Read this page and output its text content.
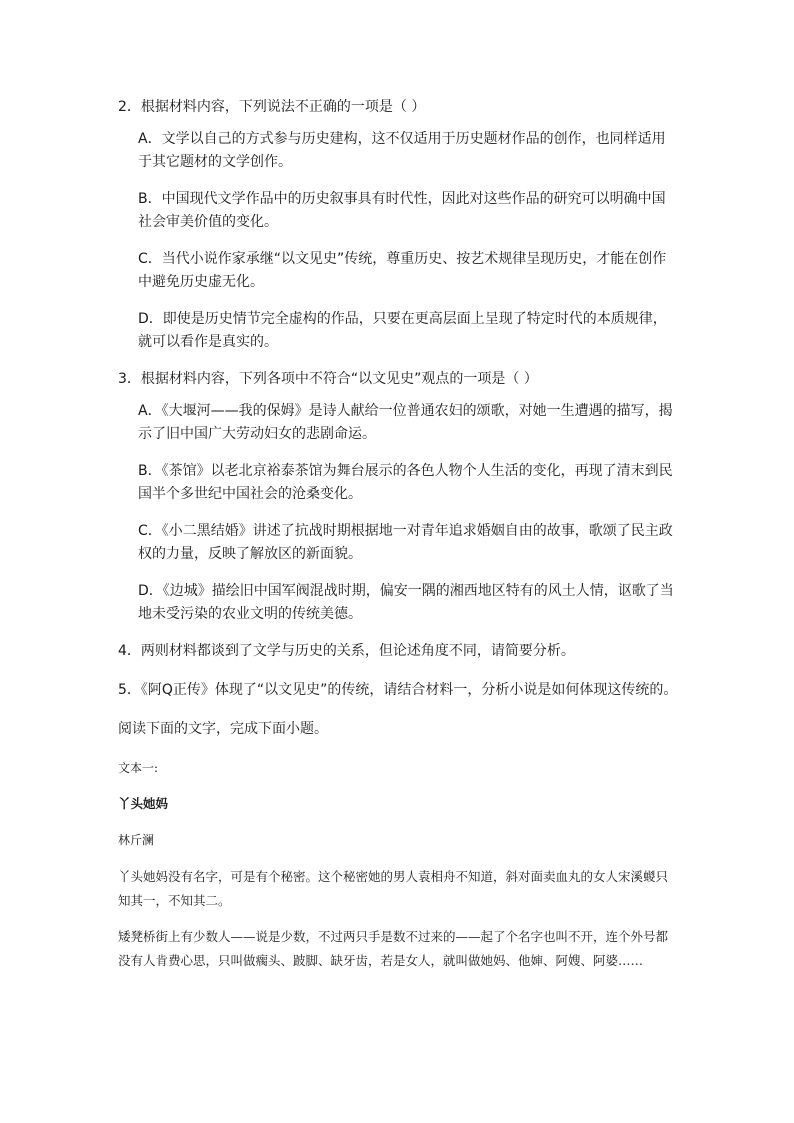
2．根据材料内容，下列说法不正确的一项是（ ）
A．文学以自己的方式参与历史建构，这不仅适用于历史题材作品的创作，也同样适用于其它题材的文学创作。
B．中国现代文学作品中的历史叙事具有时代性，因此对这些作品的研究可以明确中国社会审美价值的变化。
C．当代小说作家承继“以文见史”传统，尊重历史、按艺术规律呈现历史，才能在创作中避免历史虚无化。
D．即使是历史情节完全虚构的作品，只要在更高层面上呈现了特定时代的本质规律，就可以看作是真实的。
3．根据材料内容，下列各项中不符合“以文见史”观点的一项是（ ）
A．《大堰河——我的保姆》是诗人献给一位普通农妇的颂歌，对她一生遭遇的描写，揭示了旧中国广大劳动妇女的悲剧命运。
B．《茶馆》以老北京裕泰茶馆为舞台展示的各色人物个人生活的变化，再现了清末到民国半个多世纪中国社会的沧桑变化。
C．《小二黑结婚》讲述了抗战时期根据地一对青年追求婚姻自由的故事，歌颂了民主政权的力量，反映了解放区的新面貌。
D．《边城》描绘旧中国军阀混战时期，偏安一隅的湘西地区特有的风土人情，讴歌了当地未受污染的农业文明的传统美德。
4．两则材料都谈到了文学与历史的关系，但论述角度不同，请简要分析。
5．《阿Q正传》体现了“以文见史”的传统，请结合材料一，分析小说是如何体现这传统的。
阅读下面的文字，完成下面小题。
文本一:
丫头她妈
林斤澜
丫头她妈没有名字，可是有个秘密。这个秘密她的男人袁相舟不知道，斜对面卖血丸的女人宋溪蝬只知其一，不知其二。
矮凳桥街上有少数人——说是少数，不过两只手是数不过来的——起了个名字也叫不开，连个外号都没有人肯费心思，只叫做瘸头、跛脚、缺牙齿，若是女人，就叫做她妈、他婶、阿嫂、阿婆……
